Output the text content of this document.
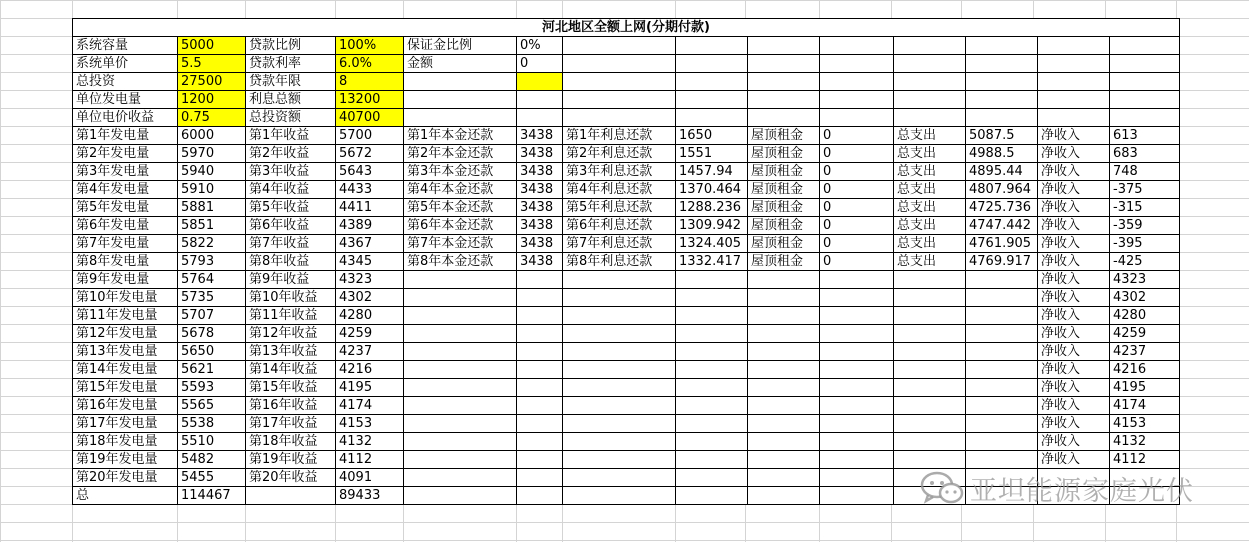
河北地区全额上网(分期付款)													
系统容量	5000	贷款比例	100%	保证金比例	0%								
系统单价	5.5	贷款利率	6.0%	金额	0								
总投资	27500	贷款年限	8										
单位发电量	1200	利息总额	13200										
单位电价收益	0.75	总投资额	40700										
第1年发电量	6000	第1年收益	5700	第1年本金还款	3438	第1年利息还款	1650	屋顶租金	0	总支出	5087.5	净收入	613
第2年发电量	5970	第2年收益	5672	第2年本金还款	3438	第2年利息还款	1551	屋顶租金	0	总支出	4988.5	净收入	683
第3年发电量	5940	第3年收益	5643	第3年本金还款	3438	第3年利息还款	1457.94	屋顶租金	0	总支出	4895.44	净收入	748
第4年发电量	5910	第4年收益	4433	第4年本金还款	3438	第4年利息还款	1370.464	屋顶租金	0	总支出	4807.964	净收入	-375
第5年发电量	5881	第5年收益	4411	第5年本金还款	3438	第5年利息还款	1288.236	屋顶租金	0	总支出	4725.736	净收入	-315
第6年发电量	5851	第6年收益	4389	第6年本金还款	3438	第6年利息还款	1309.942	屋顶租金	0	总支出	4747.442	净收入	-359
第7年发电量	5822	第7年收益	4367	第7年本金还款	3438	第7年利息还款	1324.405	屋顶租金	0	总支出	4761.905	净收入	-395
第8年发电量	5793	第8年收益	4345	第8年本金还款	3438	第8年利息还款	1332.417	屋顶租金	0	总支出	4769.917	净收入	-425
第9年发电量	5764	第9年收益	4323									净收入	4323
第10年发电量	5735	第10年收益	4302									净收入	4302
第11年发电量	5707	第11年收益	4280									净收入	4280
第12年发电量	5678	第12年收益	4259									净收入	4259
第13年发电量	5650	第13年收益	4237									净收入	4237
第14年发电量	5621	第14年收益	4216									净收入	4216
第15年发电量	5593	第15年收益	4195									净收入	4195
第16年发电量	5565	第16年收益	4174									净收入	4174
第17年发电量	5538	第17年收益	4153									净收入	4153
第18年发电量	5510	第18年收益	4132									净收入	4132
第19年发电量	5482	第19年收益	4112									净收入	4112
第20年发电量	5455	第20年收益	4091										
总	114467		89433											亚坦能源家庭光伏
